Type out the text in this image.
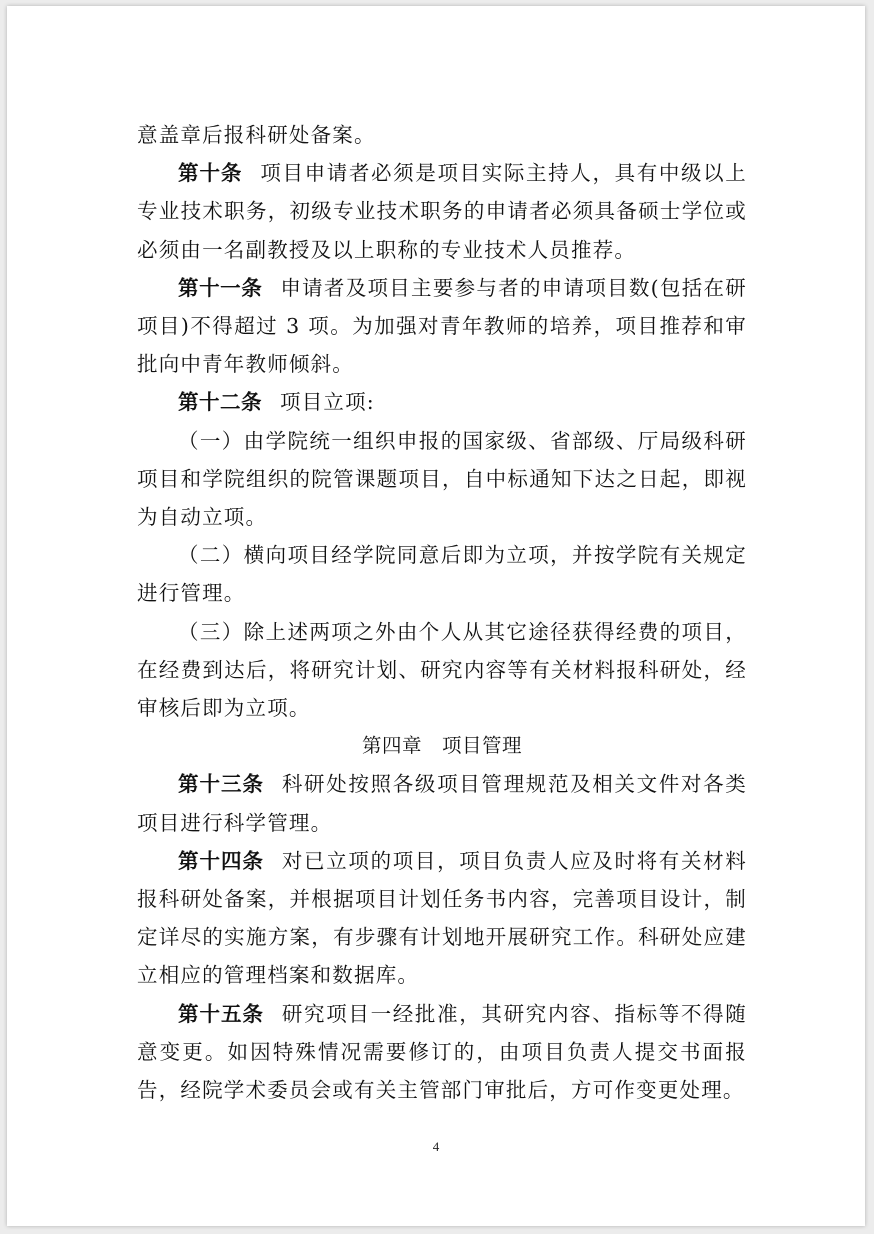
意盖章后报科研处备案。

第十条 项目申请者必须是项目实际主持人，具有中级以上专业技术职务，初级专业技术职务的申请者必须具备硕士学位或必须由一名副教授及以上职称的专业技术人员推荐。

第十一条 申请者及项目主要参与者的申请项目数(包括在研项目)不得超过 3 项。为加强对青年教师的培养，项目推荐和审批向中青年教师倾斜。

第十二条 项目立项:

（一）由学院统一组织申报的国家级、省部级、厅局级科研项目和学院组织的院管课题项目，自中标通知下达之日起，即视为自动立项。

（二）横向项目经学院同意后即为立项，并按学院有关规定进行管理。

（三）除上述两项之外由个人从其它途径获得经费的项目，在经费到达后，将研究计划、研究内容等有关材料报科研处，经审核后即为立项。

第四章 项目管理

第十三条 科研处按照各级项目管理规范及相关文件对各类项目进行科学管理。

第十四条 对已立项的项目，项目负责人应及时将有关材料报科研处备案，并根据项目计划任务书内容，完善项目设计，制定详尽的实施方案，有步骤有计划地开展研究工作。科研处应建立相应的管理档案和数据库。

第十五条 研究项目一经批准，其研究内容、指标等不得随意变更。如因特殊情况需要修订的，由项目负责人提交书面报告，经院学术委员会或有关主管部门审批后，方可作变更处理。

4
